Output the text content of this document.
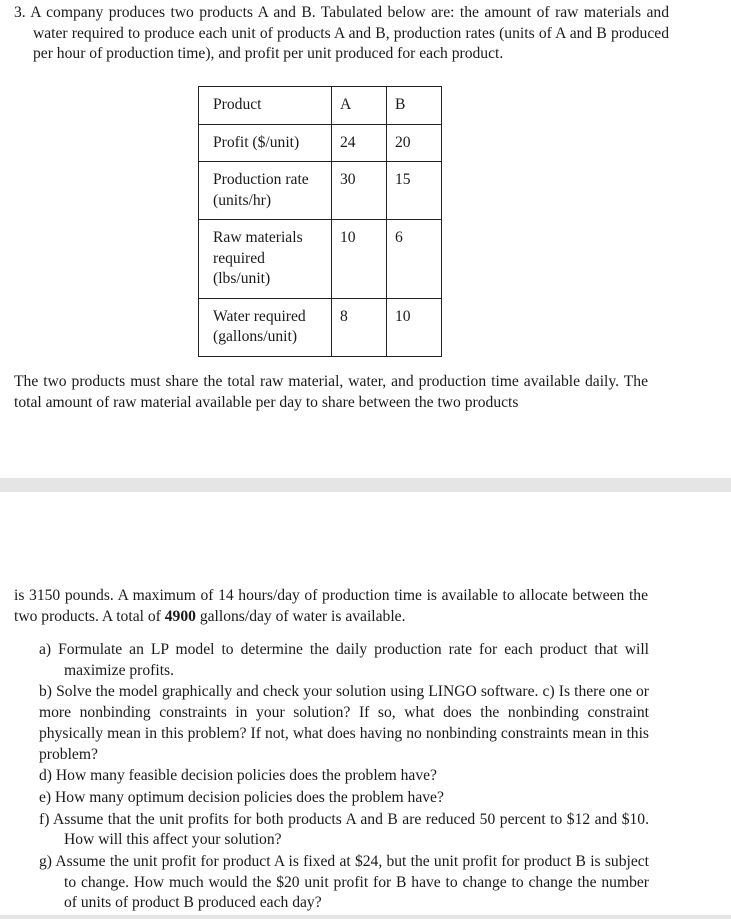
3. A company produces two products A and B. Tabulated below are: the amount of raw materials and water required to produce each unit of products A and B, production rates (units of A and B produced per hour of production time), and profit per unit produced for each product.

Product	A	B
Profit ($/unit)	24	20
Production rate (units/hr)	30	15
Raw materials required (lbs/unit)	10	6
Water required (gallons/unit)	8	10

The two products must share the total raw material, water, and production time available daily. The total amount of raw material available per day to share between the two products

is 3150 pounds. A maximum of 14 hours/day of production time is available to allocate between the two products. A total of 4900 gallons/day of water is available.

a) Formulate an LP model to determine the daily production rate for each product that will maximize profits.
b) Solve the model graphically and check your solution using LINGO software. c) Is there one or more nonbinding constraints in your solution? If so, what does the nonbinding constraint physically mean in this problem? If not, what does having no nonbinding constraints mean in this problem?
d) How many feasible decision policies does the problem have?
e) How many optimum decision policies does the problem have?
f) Assume that the unit profits for both products A and B are reduced 50 percent to $12 and $10. How will this affect your solution?
g) Assume the unit profit for product A is fixed at $24, but the unit profit for product B is subject to change. How much would the $20 unit profit for B have to change to change the number of units of product B produced each day?
